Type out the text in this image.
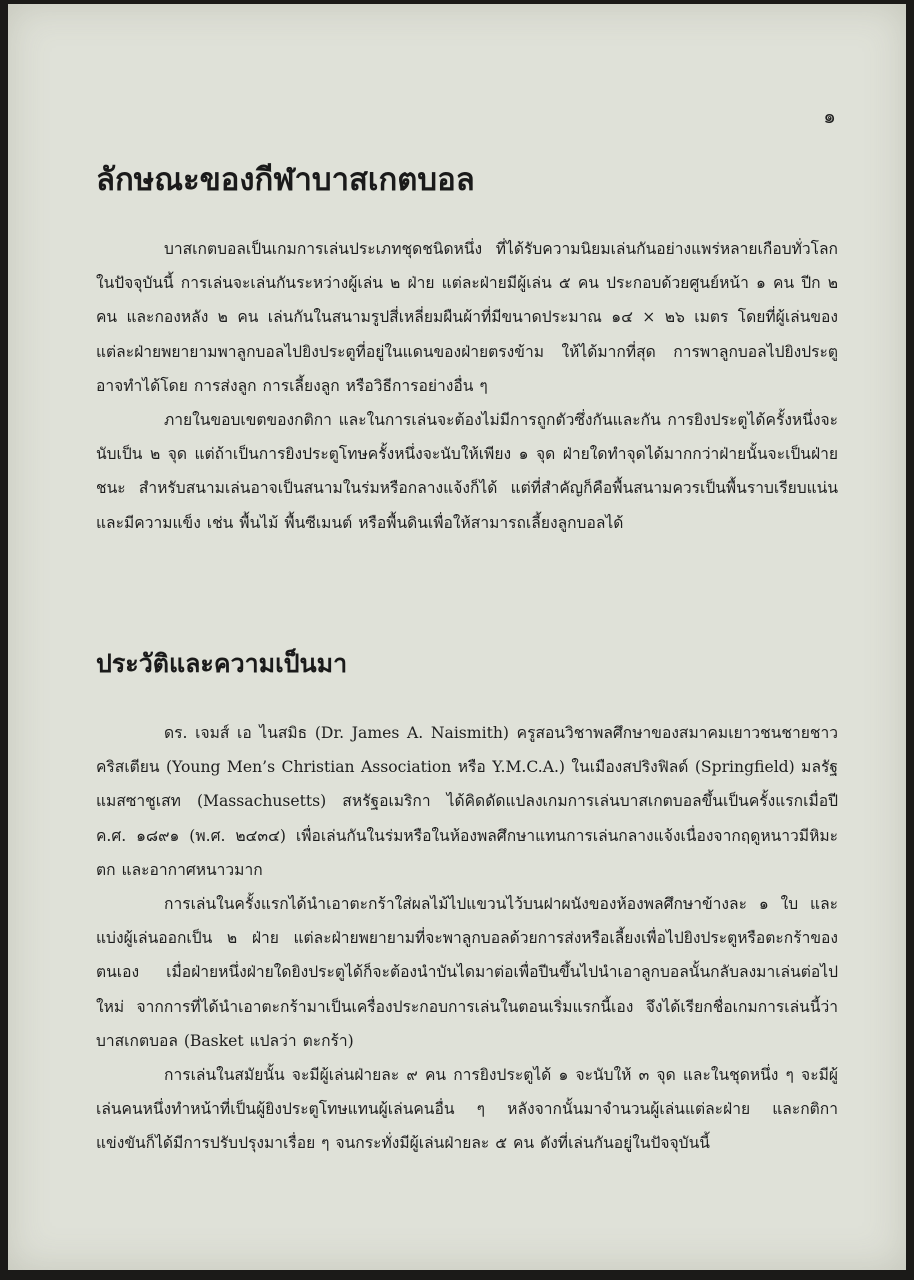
๑
ลักษณะของกีฬาบาสเกตบอล

บาสเกตบอลเป็นเกมการเล่นประเภทชุดชนิดหนึ่ง ที่ได้รับความนิยมเล่นกันอย่างแพร่หลายเกือบทั่วโลก ในปัจจุบันนี้ การเล่นจะเล่นกันระหว่างผู้เล่น ๒ ฝ่าย แต่ละฝ่ายมีผู้เล่น ๕ คน ประกอบด้วยศูนย์หน้า ๑ คน ปีก ๒ คน และกองหลัง ๒ คน เล่นกันในสนามรูปสี่เหลี่ยมผืนผ้าที่มีขนาดประมาณ ๑๔ × ๒๖ เมตร โดยที่ผู้เล่นของแต่ละฝ่ายพยายามพาลูกบอลไปยิงประตูที่อยู่ในแดนของฝ่ายตรงข้าม ให้ได้มากที่สุด การพาลูกบอลไปยิงประตูอาจทำได้โดย การส่งลูก การเลี้ยงลูก หรือวิธีการอย่างอื่น ๆ

ภายในขอบเขตของกติกา และในการเล่นจะต้องไม่มีการถูกตัวซึ่งกันและกัน การยิงประตูได้ครั้งหนึ่งจะนับเป็น ๒ จุด แต่ถ้าเป็นการยิงประตูโทษครั้งหนึ่งจะนับให้เพียง ๑ จุด ฝ่ายใดทำจุดได้มากกว่าฝ่ายนั้นจะเป็นฝ่ายชนะ สำหรับสนามเล่นอาจเป็นสนามในร่มหรือกลางแจ้งก็ได้ แต่ที่สำคัญก็คือพื้นสนามควรเป็นพื้นราบเรียบแน่นและมีความแข็ง เช่น พื้นไม้ พื้นซีเมนต์ หรือพื้นดินเพื่อให้สามารถเลี้ยงลูกบอลได้

ประวัติและความเป็นมา

ดร. เจมส์ เอ ไนสมิธ (Dr. James A. Naismith) ครูสอนวิชาพลศึกษาของสมาคมเยาวชนชายชาวคริสเตียน (Young Men’s Christian Association หรือ Y.M.C.A.) ในเมืองสปริงฟิลด์ (Springfield) มลรัฐแมสซาชูเสท (Massachusetts) สหรัฐอเมริกา ได้คิดดัดแปลงเกมการเล่นบาสเกตบอลขึ้นเป็นครั้งแรกเมื่อปี ค.ศ. ๑๘๙๑ (พ.ศ. ๒๔๓๔) เพื่อเล่นกันในร่มหรือในห้องพลศึกษาแทนการเล่นกลางแจ้งเนื่องจากฤดูหนาวมีหิมะตก และอากาศหนาวมาก

การเล่นในครั้งแรกได้นำเอาตะกร้าใส่ผลไม้ไปแขวนไว้บนฝาผนังของห้องพลศึกษาข้างละ ๑ ใบ และแบ่งผู้เล่นออกเป็น ๒ ฝ่าย แต่ละฝ่ายพยายามที่จะพาลูกบอลด้วยการส่งหรือเลี้ยงเพื่อไปยิงประตูหรือตะกร้าของตนเอง เมื่อฝ่ายหนึ่งฝ่ายใดยิงประตูได้ก็จะต้องนำบันไดมาต่อเพื่อปีนขึ้นไปนำเอาลูกบอลนั้นกลับลงมาเล่นต่อไปใหม่ จากการที่ได้นำเอาตะกร้ามาเป็นเครื่องประกอบการเล่นในตอนเริ่มแรกนี้เอง จึงได้เรียกชื่อเกมการเล่นนี้ว่าบาสเกตบอล (Basket แปลว่า ตะกร้า)

การเล่นในสมัยนั้น จะมีผู้เล่นฝ่ายละ ๙ คน การยิงประตูได้ ๑ จะนับให้ ๓ จุด และในชุดหนึ่ง ๆ จะมีผู้เล่นคนหนึ่งทำหน้าที่เป็นผู้ยิงประตูโทษแทนผู้เล่นคนอื่น ๆ หลังจากนั้นมาจำนวนผู้เล่นแต่ละฝ่าย และกติกาแข่งขันก็ได้มีการปรับปรุงมาเรื่อย ๆ จนกระทั่งมีผู้เล่นฝ่ายละ ๕ คน ดังที่เล่นกันอยู่ในปัจจุบันนี้
